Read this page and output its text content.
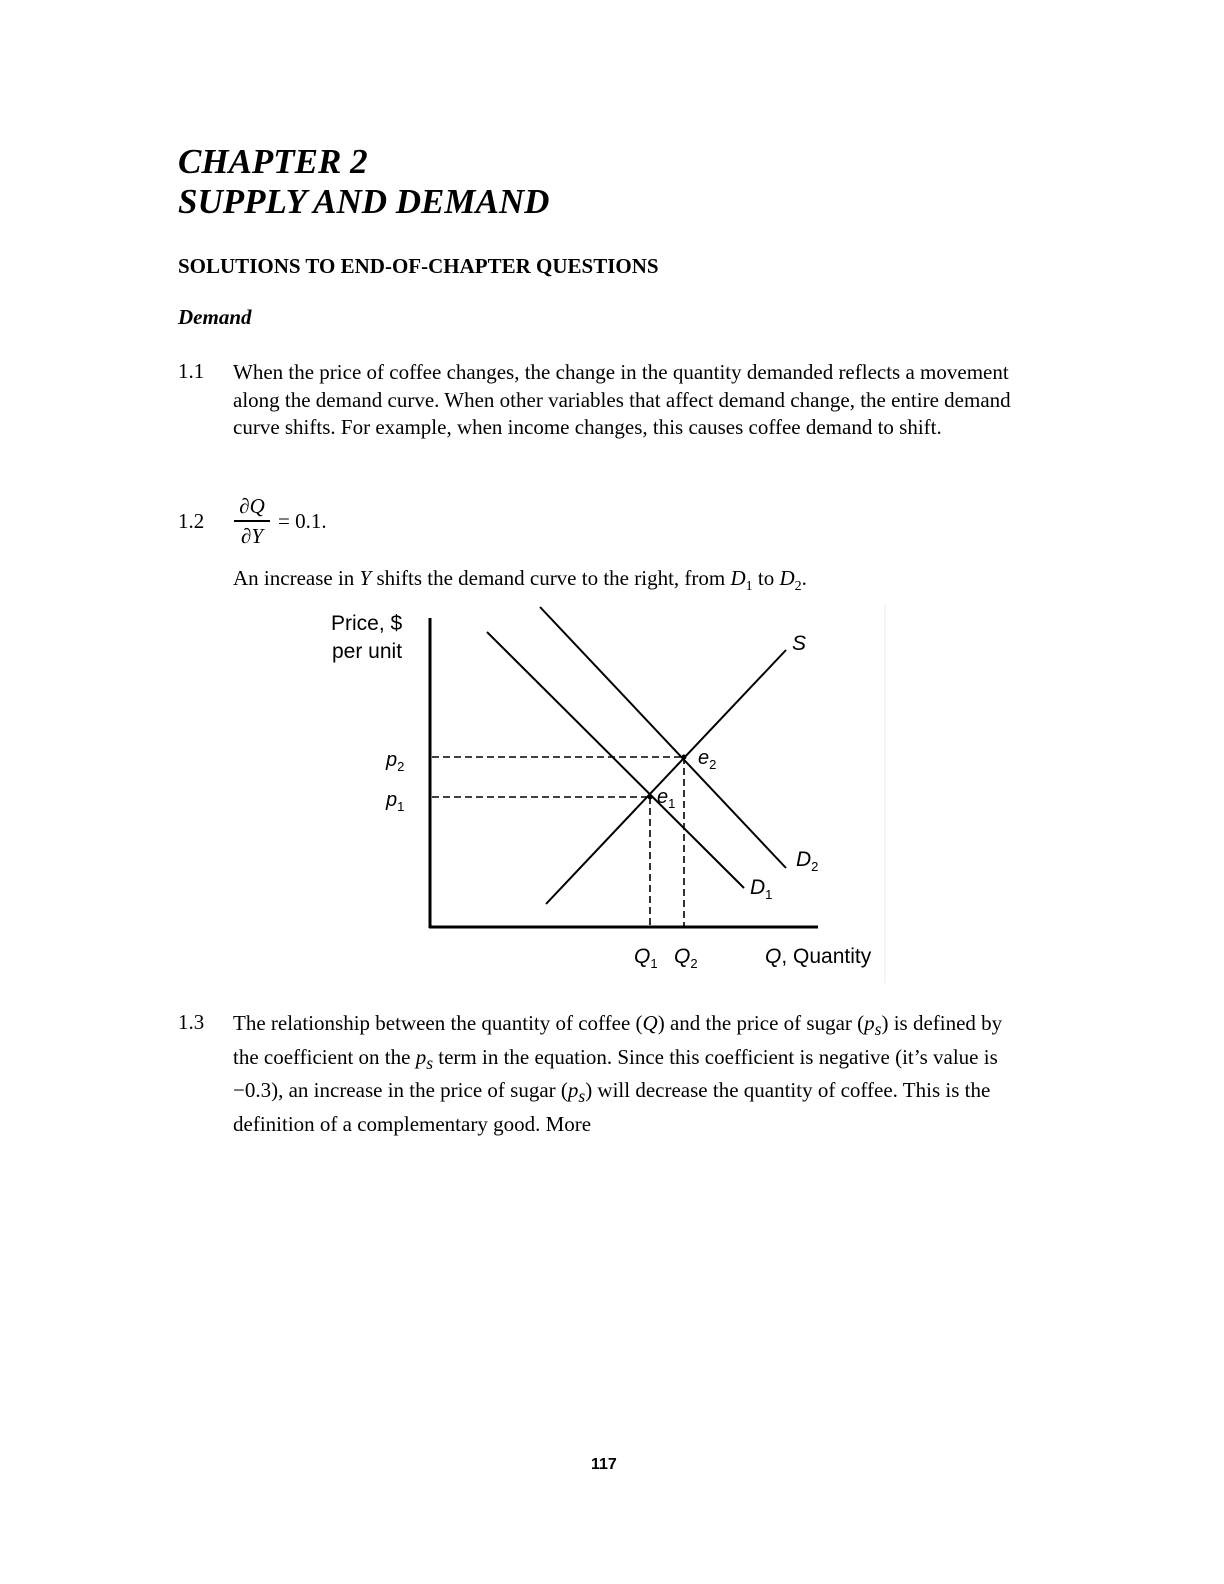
CHAPTER 2
SUPPLY AND DEMAND
SOLUTIONS TO END-OF-CHAPTER QUESTIONS
Demand
1.1 When the price of coffee changes, the change in the quantity demanded reflects a movement along the demand curve. When other variables that affect demand change, the entire demand curve shifts. For example, when income changes, this causes coffee demand to shift.
1.2
∂Q
∂Y
= 0.1.
An increase in Y shifts the demand curve to the right, from $D_1$ to $D_2$.
Price, $
per unit
$p_2$
$p_1$
$e_2$
$e_1$
S
$D_2$
$D_1$
$Q_1$ $Q_2$	Q, Quantity
1.3 The relationship between the quantity of coffee (Q) and the price of sugar $(p_s)$ is defined by the coefficient on the $p_s$ term in the equation. Since this coefficient is negative (it’s value is −0.3), an increase in the price of sugar $(p_s)$ will decrease the quantity of coffee. This is the definition of a complementary good. More
117
